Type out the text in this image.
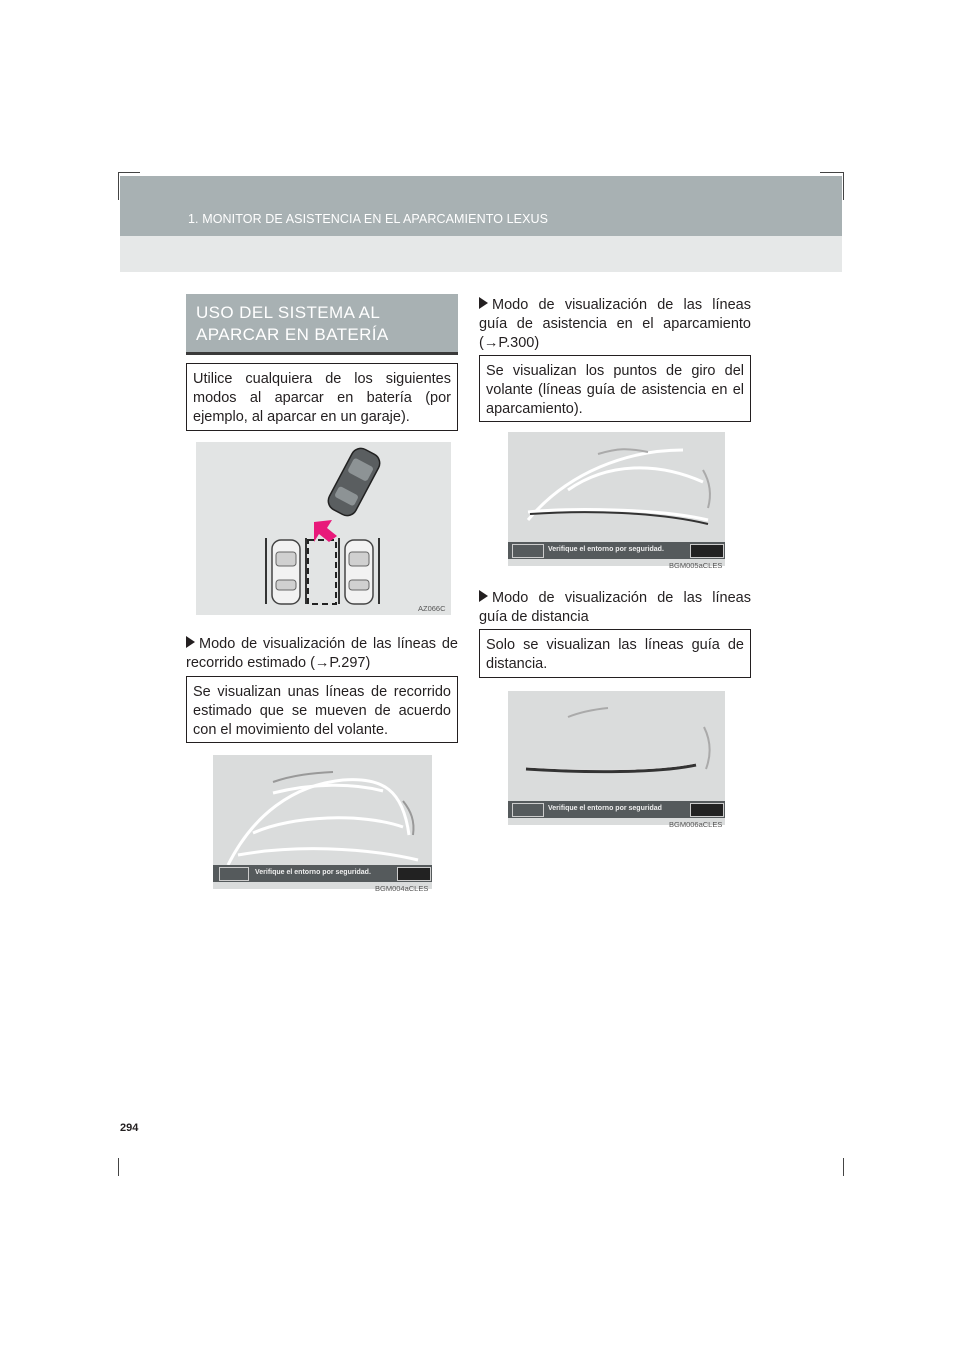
1. MONITOR DE ASISTENCIA EN EL APARCAMIENTO LEXUS
USO DEL SISTEMA AL APARCAR EN BATERÍA
Utilice cualquiera de los siguientes modos al aparcar en batería (por ejemplo, al aparcar en un garaje).
AZ066C
Modo de visualización de las líneas de recorrido estimado (→P.297)
Se visualizan unas líneas de recorrido estimado que se mueven de acuerdo con el movimiento del volante.
Verifique el entorno por seguridad.
BGM004aCLES
Modo de visualización de las líneas guía de asistencia en el aparcamiento (→P.300)
Se visualizan los puntos de giro del volante (líneas guía de asistencia en el aparcamiento).
Verifique el entorno por seguridad.
BGM005aCLES
Modo de visualización de las líneas guía de distancia
Solo se visualizan las líneas guía de distancia.
Verifique el entorno por seguridad
BGM006aCLES
294
